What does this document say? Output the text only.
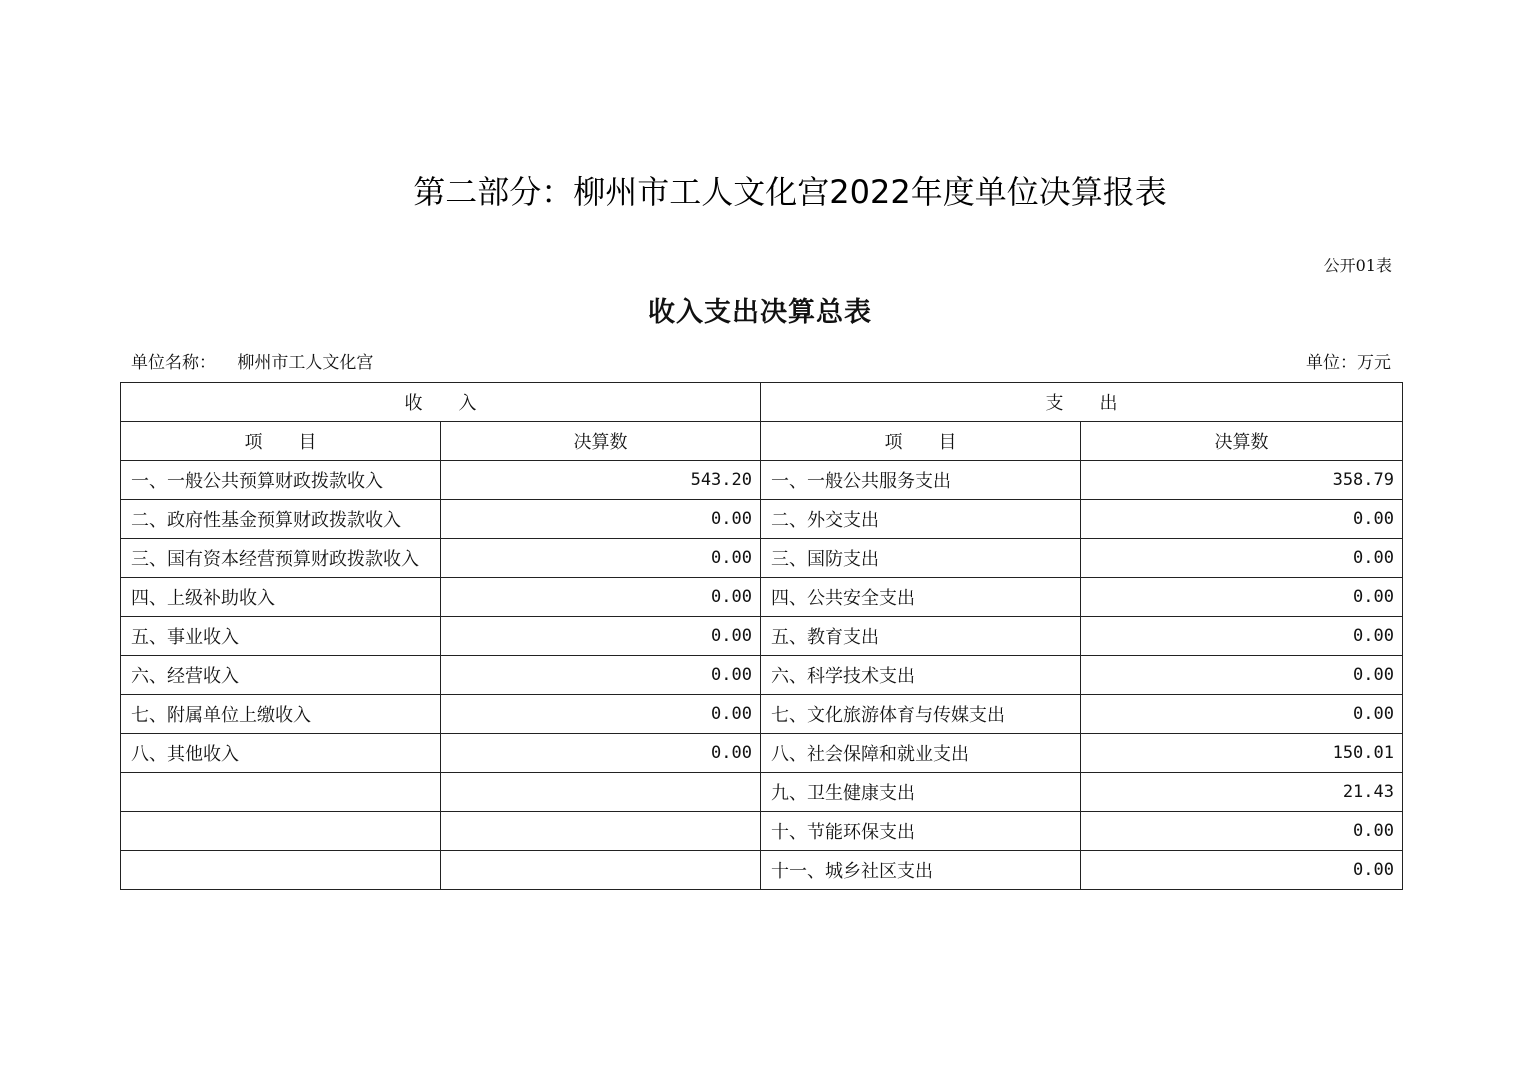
第二部分：柳州市工人文化宫2022年度单位决算报表
公开01表
收入支出决算总表
单位名称： 柳州市工人文化宫	单位：万元
收　　入		支　　出	
项　　目	决算数	项　　目	决算数
一、一般公共预算财政拨款收入	543.20	一、一般公共服务支出	358.79
二、政府性基金预算财政拨款收入	0.00	二、外交支出	0.00
三、国有资本经营预算财政拨款收入	0.00	三、国防支出	0.00
四、上级补助收入	0.00	四、公共安全支出	0.00
五、事业收入	0.00	五、教育支出	0.00
六、经营收入	0.00	六、科学技术支出	0.00
七、附属单位上缴收入	0.00	七、文化旅游体育与传媒支出	0.00
八、其他收入	0.00	八、社会保障和就业支出	150.01
		九、卫生健康支出	21.43
		十、节能环保支出	0.00
		十一、城乡社区支出	0.00
